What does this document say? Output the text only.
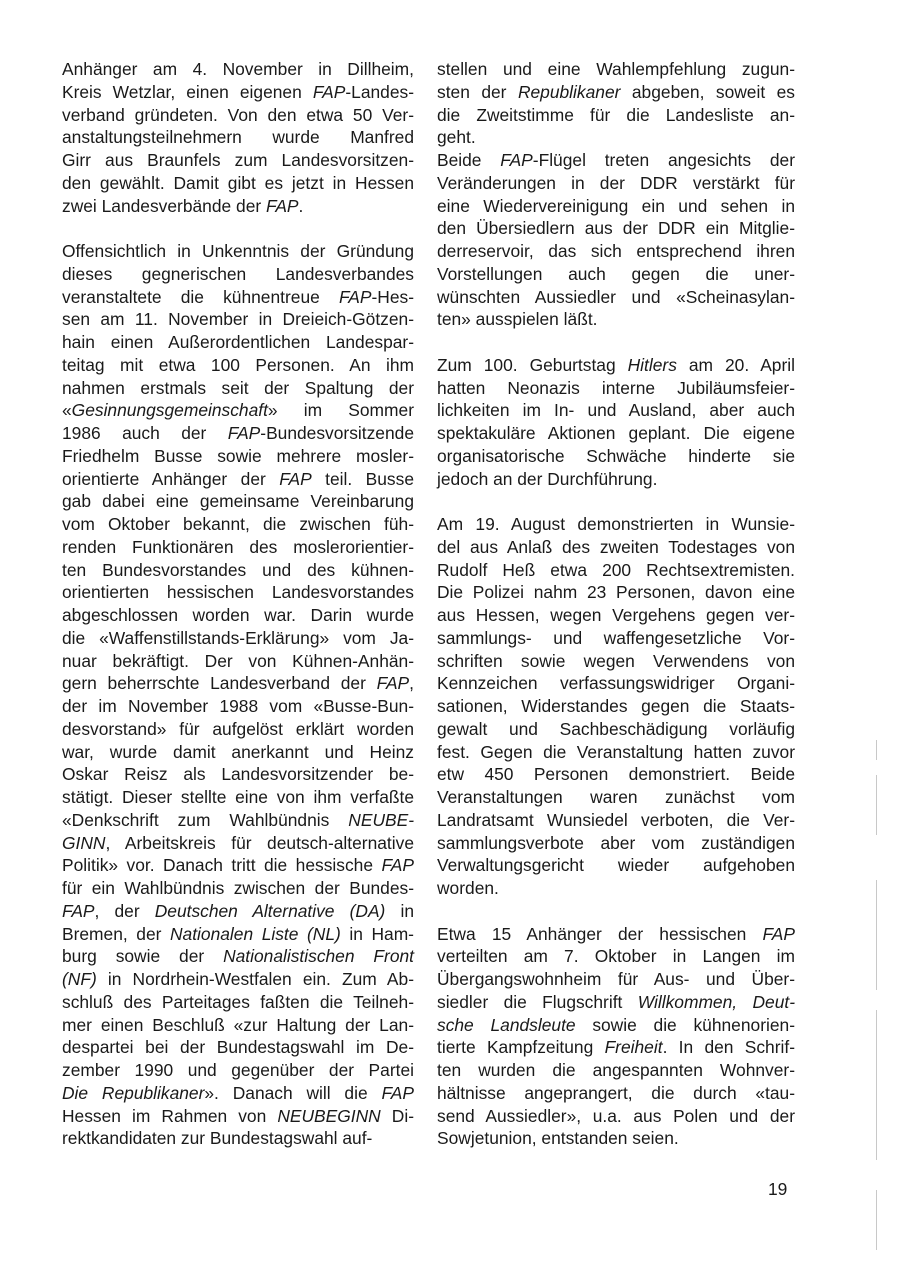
Anhänger am 4. November in Dillheim,
Kreis Wetzlar, einen eigenen FAP-Landes-
verband gründeten. Von den etwa 50 Ver-
anstaltungsteilnehmern wurde Manfred
Girr aus Braunfels zum Landesvorsitzen-
den gewählt. Damit gibt es jetzt in Hessen
zwei Landesverbände der FAP.
Offensichtlich in Unkenntnis der Gründung
dieses gegnerischen Landesverbandes
veranstaltete die kühnentreue FAP-Hes-
sen am 11. November in Dreieich-Götzen-
hain einen Außerordentlichen Landespar-
teitag mit etwa 100 Personen. An ihm
nahmen erstmals seit der Spaltung der
«Gesinnungsgemeinschaft» im Sommer
1986 auch der FAP-Bundesvorsitzende
Friedhelm Busse sowie mehrere mosler-
orientierte Anhänger der FAP teil. Busse
gab dabei eine gemeinsame Vereinbarung
vom Oktober bekannt, die zwischen füh-
renden Funktionären des moslerorientier-
ten Bundesvorstandes und des kühnen-
orientierten hessischen Landesvorstandes
abgeschlossen worden war. Darin wurde
die «Waffenstillstands-Erklärung» vom Ja-
nuar bekräftigt. Der von Kühnen-Anhän-
gern beherrschte Landesverband der FAP,
der im November 1988 vom «Busse-Bun-
desvorstand» für aufgelöst erklärt worden
war, wurde damit anerkannt und Heinz
Oskar Reisz als Landesvorsitzender be-
stätigt. Dieser stellte eine von ihm verfaßte
«Denkschrift zum Wahlbündnis NEUBE-
GINN, Arbeitskreis für deutsch-alternative
Politik» vor. Danach tritt die hessische FAP
für ein Wahlbündnis zwischen der Bundes-
FAP, der Deutschen Alternative (DA) in
Bremen, der Nationalen Liste (NL) in Ham-
burg sowie der Nationalistischen Front
(NF) in Nordrhein-Westfalen ein. Zum Ab-
schluß des Parteitages faßten die Teilneh-
mer einen Beschluß «zur Haltung der Lan-
despartei bei der Bundestagswahl im De-
zember 1990 und gegenüber der Partei
Die Republikaner». Danach will die FAP
Hessen im Rahmen von NEUBEGINN Di-
rektkandidaten zur Bundestagswahl auf-
stellen und eine Wahlempfehlung zugun-
sten der Republikaner abgeben, soweit es
die Zweitstimme für die Landesliste an-
geht.
Beide FAP-Flügel treten angesichts der
Veränderungen in der DDR verstärkt für
eine Wiedervereinigung ein und sehen in
den Übersiedlern aus der DDR ein Mitglie-
derreservoir, das sich entsprechend ihren
Vorstellungen auch gegen die uner-
wünschten Aussiedler und «Scheinasylan-
ten» ausspielen läßt.
Zum 100. Geburtstag Hitlers am 20. April
hatten Neonazis interne Jubiläumsfeier-
lichkeiten im In- und Ausland, aber auch
spektakuläre Aktionen geplant. Die eigene
organisatorische Schwäche hinderte sie
jedoch an der Durchführung.
Am 19. August demonstrierten in Wunsie-
del aus Anlaß des zweiten Todestages von
Rudolf Heß etwa 200 Rechtsextremisten.
Die Polizei nahm 23 Personen, davon eine
aus Hessen, wegen Vergehens gegen ver-
sammlungs- und waffengesetzliche Vor-
schriften sowie wegen Verwendens von
Kennzeichen verfassungswidriger Organi-
sationen, Widerstandes gegen die Staats-
gewalt und Sachbeschädigung vorläufig
fest. Gegen die Veranstaltung hatten zuvor
etw 450 Personen demonstriert. Beide
Veranstaltungen waren zunächst vom
Landratsamt Wunsiedel verboten, die Ver-
sammlungsverbote aber vom zuständigen
Verwaltungsgericht wieder aufgehoben
worden.
Etwa 15 Anhänger der hessischen FAP
verteilten am 7. Oktober in Langen im
Übergangswohnheim für Aus- und Über-
siedler die Flugschrift Willkommen, Deut-
sche Landsleute sowie die kühnenorien-
tierte Kampfzeitung Freiheit. In den Schrif-
ten wurden die angespannten Wohnver-
hältnisse angeprangert, die durch «tau-
send Aussiedler», u.a. aus Polen und der
Sowjetunion, entstanden seien.
19
